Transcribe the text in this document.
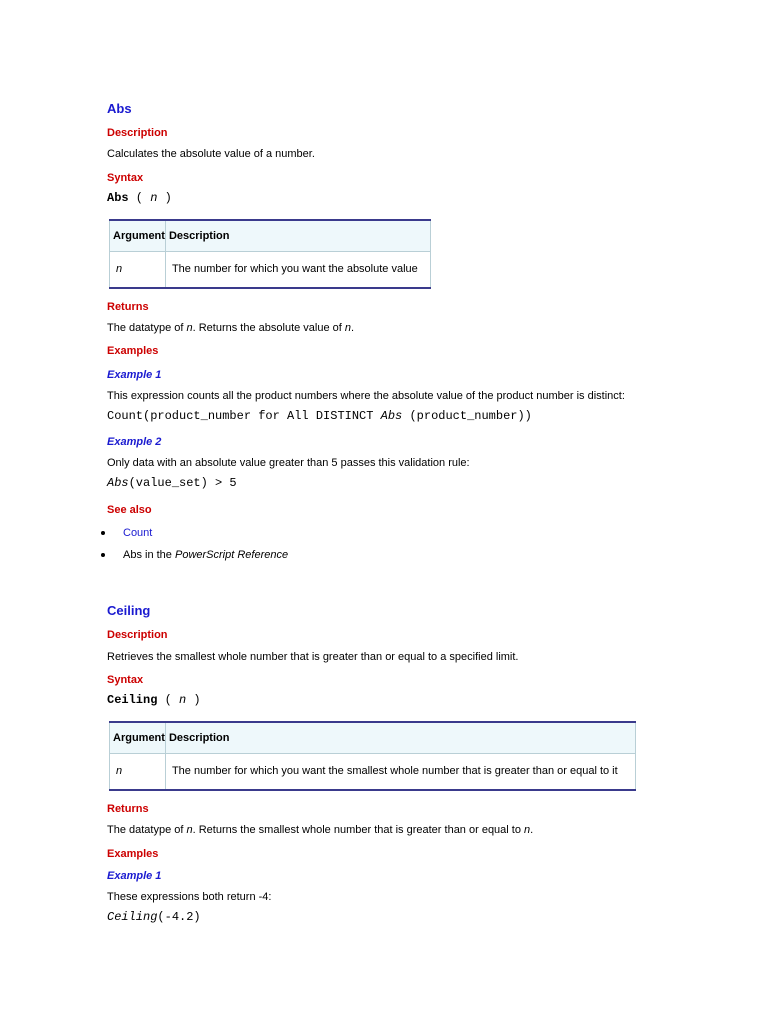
Abs
Description
Calculates the absolute value of a number.
Syntax
Abs ( n )
Argument	Description
n	The number for which you want the absolute value
Returns
The datatype of n. Returns the absolute value of n.
Examples
Example 1
This expression counts all the product numbers where the absolute value of the product number is distinct:
Count(product_number for All DISTINCT Abs (product_number))
Example 2
Only data with an absolute value greater than 5 passes this validation rule:
Abs(value_set) > 5
See also
Count
Abs in the PowerScript Reference
Ceiling
Description
Retrieves the smallest whole number that is greater than or equal to a specified limit.
Syntax
Ceiling ( n )
Argument	Description
n	The number for which you want the smallest whole number that is greater than or equal to it
Returns
The datatype of n. Returns the smallest whole number that is greater than or equal to n.
Examples
Example 1
These expressions both return -4:
Ceiling(-4.2)
